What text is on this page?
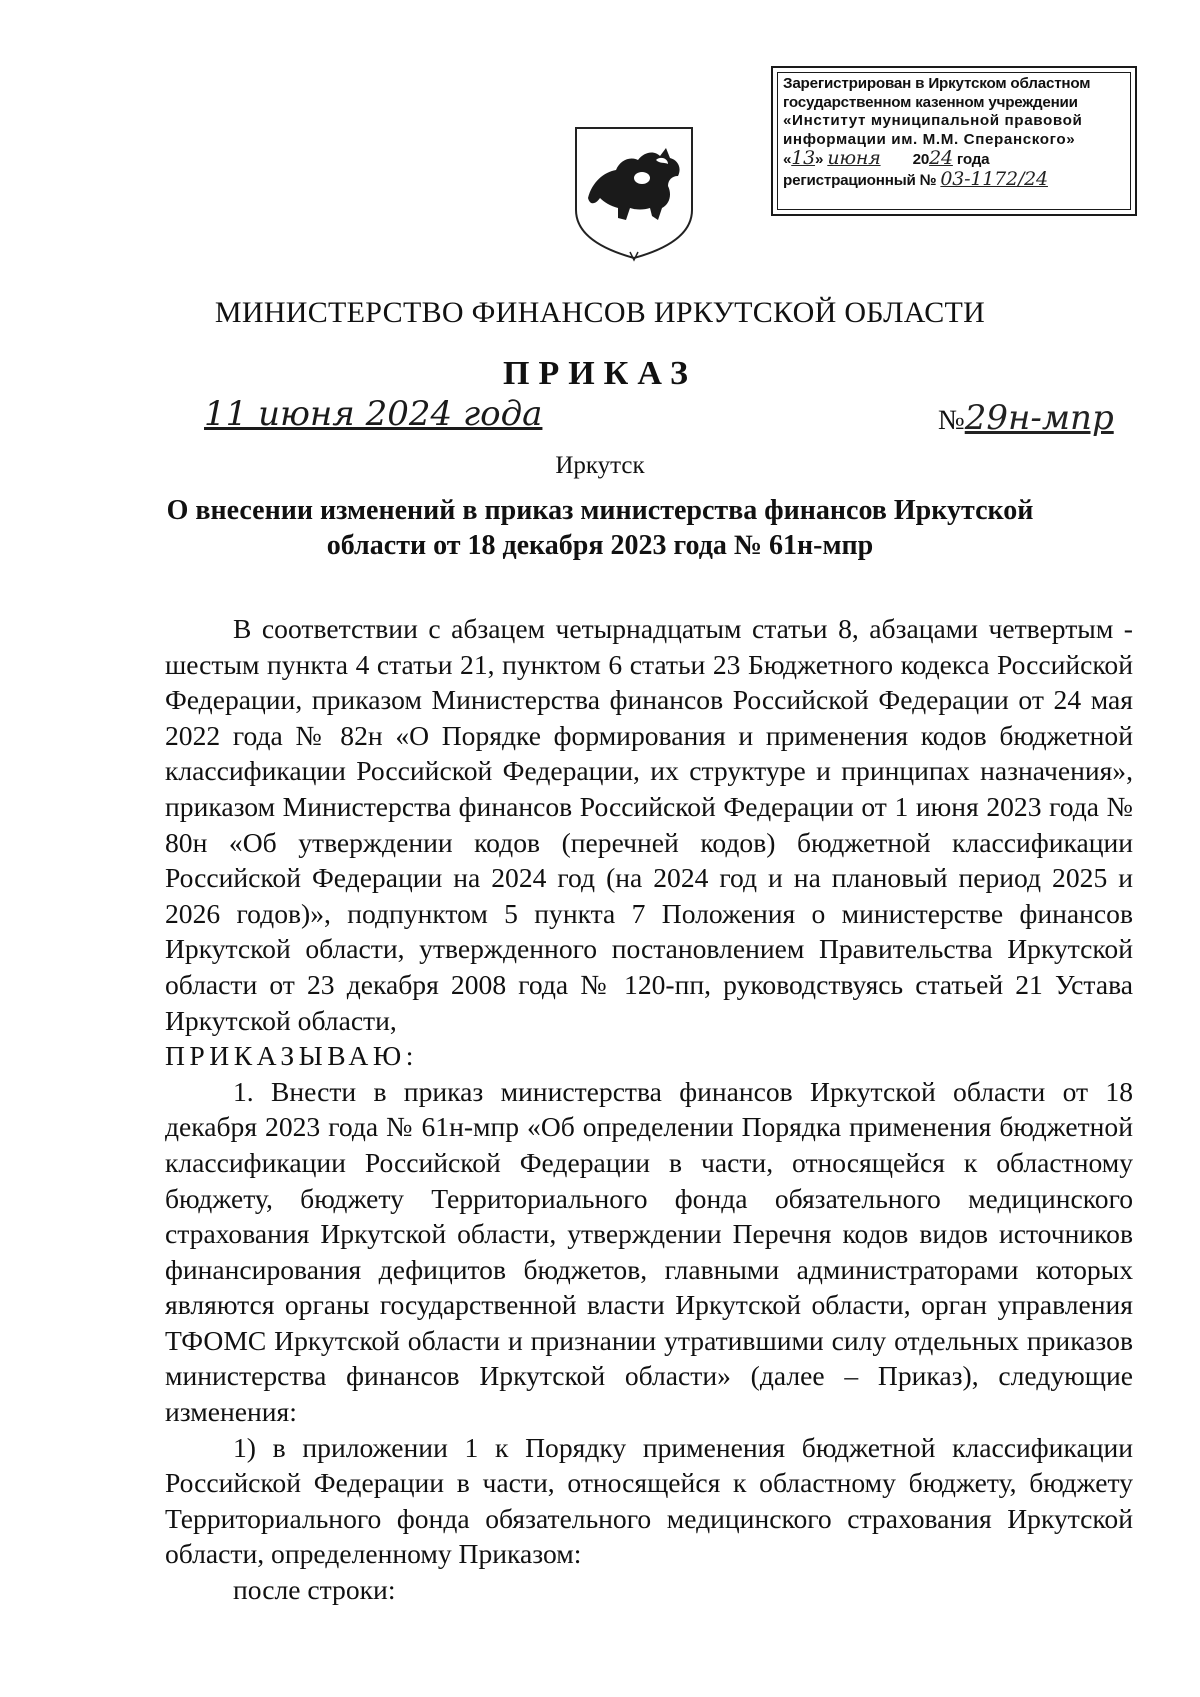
Зарегистрирован в Иркутском областном
государственном казенном учреждении
«Институт муниципальной правовой
информации им. М.М. Сперанского»
«13» июня 2024 года
регистрационный № 03-1172/24
МИНИСТЕРСТВО ФИНАНСОВ ИРКУТСКОЙ ОБЛАСТИ
ПРИКАЗ
11 июня 2024 года	№29н-мпр
Иркутск
О внесении изменений в приказ министерства финансов Иркутской
области от 18 декабря 2023 года № 61н-мпр

В соответствии с абзацем четырнадцатым статьи 8, абзацами четвертым - шестым пункта 4 статьи 21, пунктом 6 статьи 23 Бюджетного кодекса Российской Федерации, приказом Министерства финансов Российской Федерации от 24 мая 2022 года № 82н «О Порядке формирования и применения кодов бюджетной классификации Российской Федерации, их структуре и принципах назначения», приказом Министерства финансов Российской Федерации от 1 июня 2023 года № 80н «Об утверждении кодов (перечней кодов) бюджетной классификации Российской Федерации на 2024 год (на 2024 год и на плановый период 2025 и 2026 годов)», подпунктом 5 пункта 7 Положения о министерстве финансов Иркутской области, утвержденного постановлением Правительства Иркутской области от 23 декабря 2008 года № 120-пп, руководствуясь статьей 21 Устава Иркутской области,

ПРИКАЗЫВАЮ:

1. Внести в приказ министерства финансов Иркутской области от 18 декабря 2023 года № 61н-мпр «Об определении Порядка применения бюджетной классификации Российской Федерации в части, относящейся к областному бюджету, бюджету Территориального фонда обязательного медицинского страхования Иркутской области, утверждении Перечня кодов видов источников финансирования дефицитов бюджетов, главными администраторами которых являются органы государственной власти Иркутской области, орган управления ТФОМС Иркутской области и признании утратившими силу отдельных приказов министерства финансов Иркутской области» (далее – Приказ), следующие изменения:

1) в приложении 1 к Порядку применения бюджетной классификации Российской Федерации в части, относящейся к областному бюджету, бюджету Территориального фонда обязательного медицинского страхования Иркутской области, определенному Приказом:

после строки:
